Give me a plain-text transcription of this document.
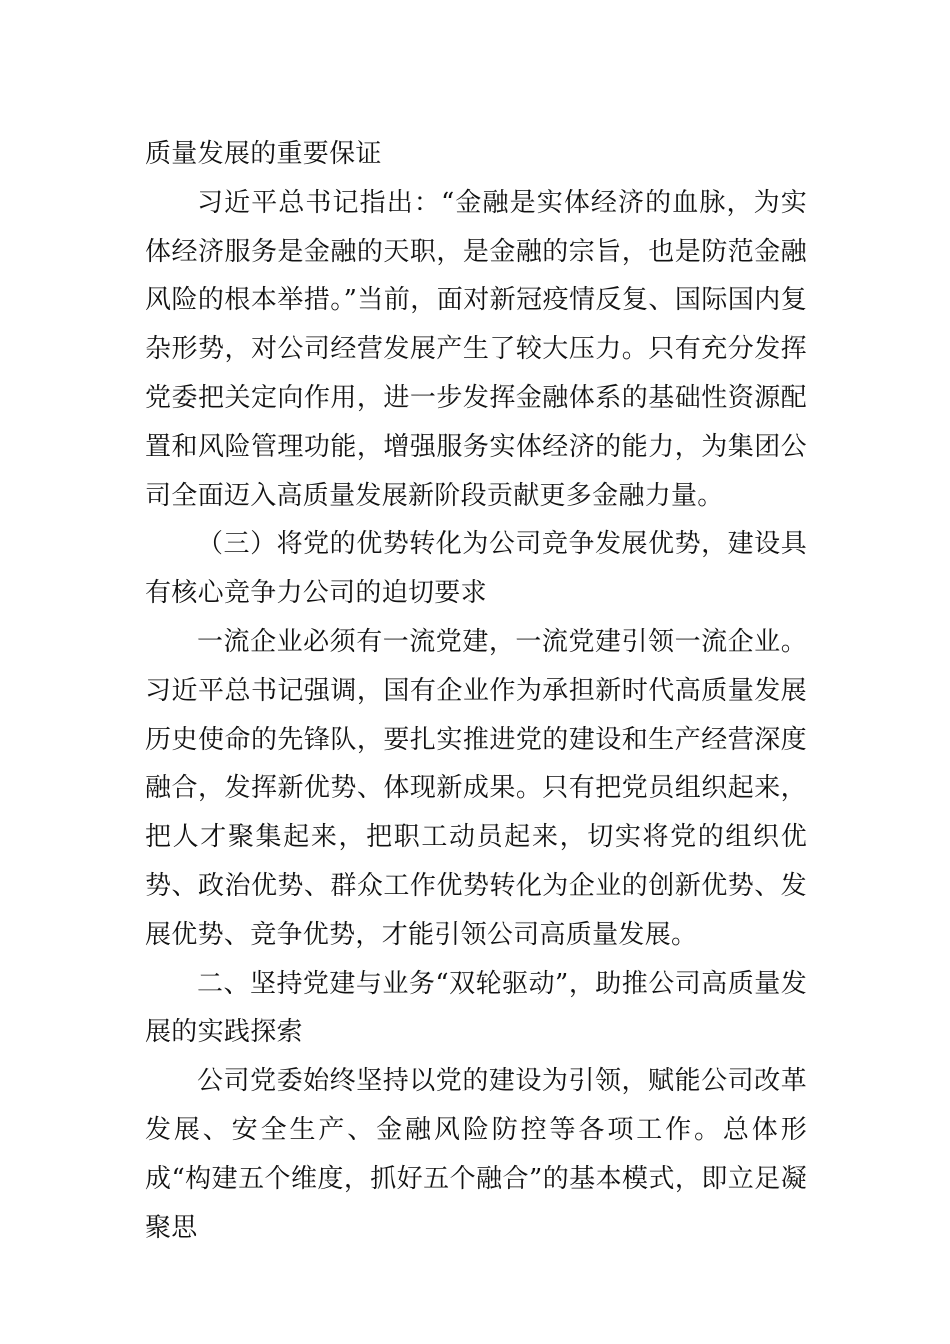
质量发展的重要保证

习近平总书记指出：“金融是实体经济的血脉，为实体经济服务是金融的天职，是金融的宗旨，也是防范金融风险的根本举措。”当前，面对新冠疫情反复、国际国内复杂形势，对公司经营发展产生了较大压力。只有充分发挥党委把关定向作用，进一步发挥金融体系的基础性资源配置和风险管理功能，增强服务实体经济的能力，为集团公司全面迈入高质量发展新阶段贡献更多金融力量。

（三）将党的优势转化为公司竞争发展优势，建设具有核心竞争力公司的迫切要求

一流企业必须有一流党建，一流党建引领一流企业。习近平总书记强调，国有企业作为承担新时代高质量发展历史使命的先锋队，要扎实推进党的建设和生产经营深度融合，发挥新优势、体现新成果。只有把党员组织起来，把人才聚集起来，把职工动员起来，切实将党的组织优势、政治优势、群众工作优势转化为企业的创新优势、发展优势、竞争优势，才能引领公司高质量发展。

二、坚持党建与业务“双轮驱动”，助推公司高质量发展的实践探索

公司党委始终坚持以党的建设为引领，赋能公司改革发展、安全生产、金融风险防控等各项工作。总体形成“构建五个维度，抓好五个融合”的基本模式，即立足凝聚思
